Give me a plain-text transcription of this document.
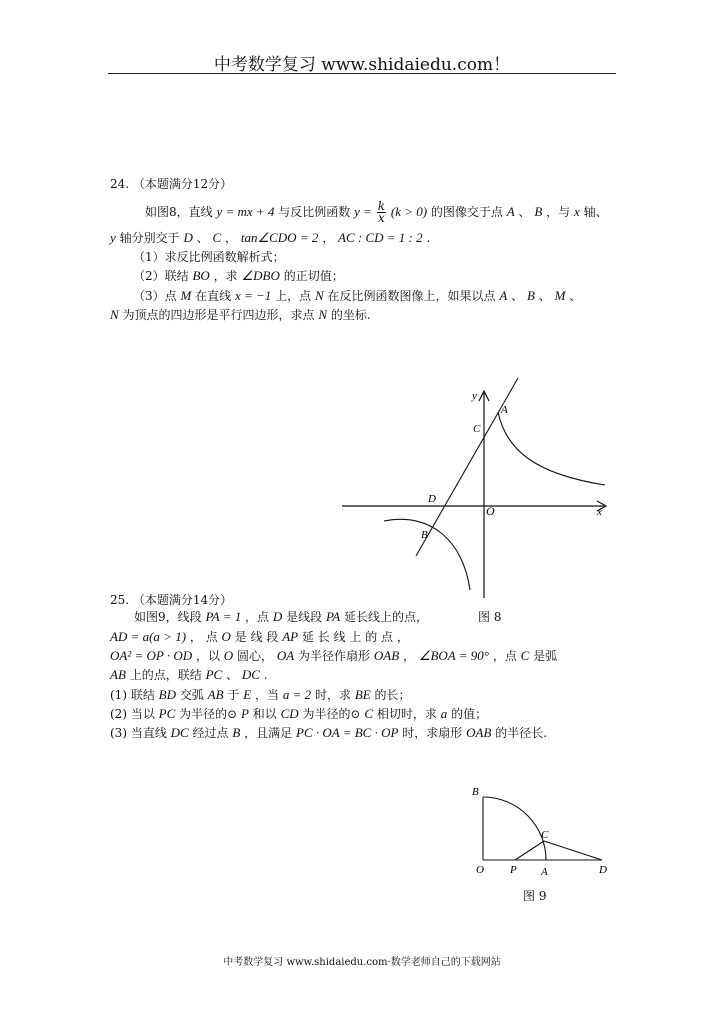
中考数学复习 www.shidaiedu.com！
24. （本题满分12分）
如图8，直线 y = mx + 4 与反比例函数 $y = \frac{k}{x} (k > 0)$ 的图像交于点 A 、 B ，与 x 轴、
y 轴分别交于 D 、 C ， tan∠CDO = 2 ， AC : CD = 1 : 2 .
（1）求反比例函数解析式；
（2）联结 BO ，求 ∠DBO 的正切值；
（3）点 M 在直线 x = −1 上，点 N 在反比例函数图像上，如果以点 A 、 B 、 M 、
N 为顶点的四边形是平行四边形，求点 N 的坐标.
y
x
O
A
C
D
B
25. （本题满分14分）
如图9，线段 PA = 1 ，点 D 是线段 PA 延长线上的点，	图 8
AD = a(a > 1) ， 点 O 是 线 段 AP 延 长 线 上 的 点 ，
OA² = OP · OD ，以 O 圆心， OA 为半径作扇形 OAB ， ∠BOA = 90° ，点 C 是弧
AB 上的点，联结 PC 、 DC .
(1) 联结 BD 交弧 AB 于 E ，当 a = 2 时，求 BE 的长；
(2) 当以 PC 为半径的⊙ P 和以 CD 为半径的⊙ C 相切时，求 a 的值；
(3) 当直线 DC 经过点 B ，且满足 PC · OA = BC · OP 时，求扇形 OAB 的半径长.
B
C
O P A	D
图 9
中考数学复习 www.shidaiedu.com·数学老师自己的下载网站
